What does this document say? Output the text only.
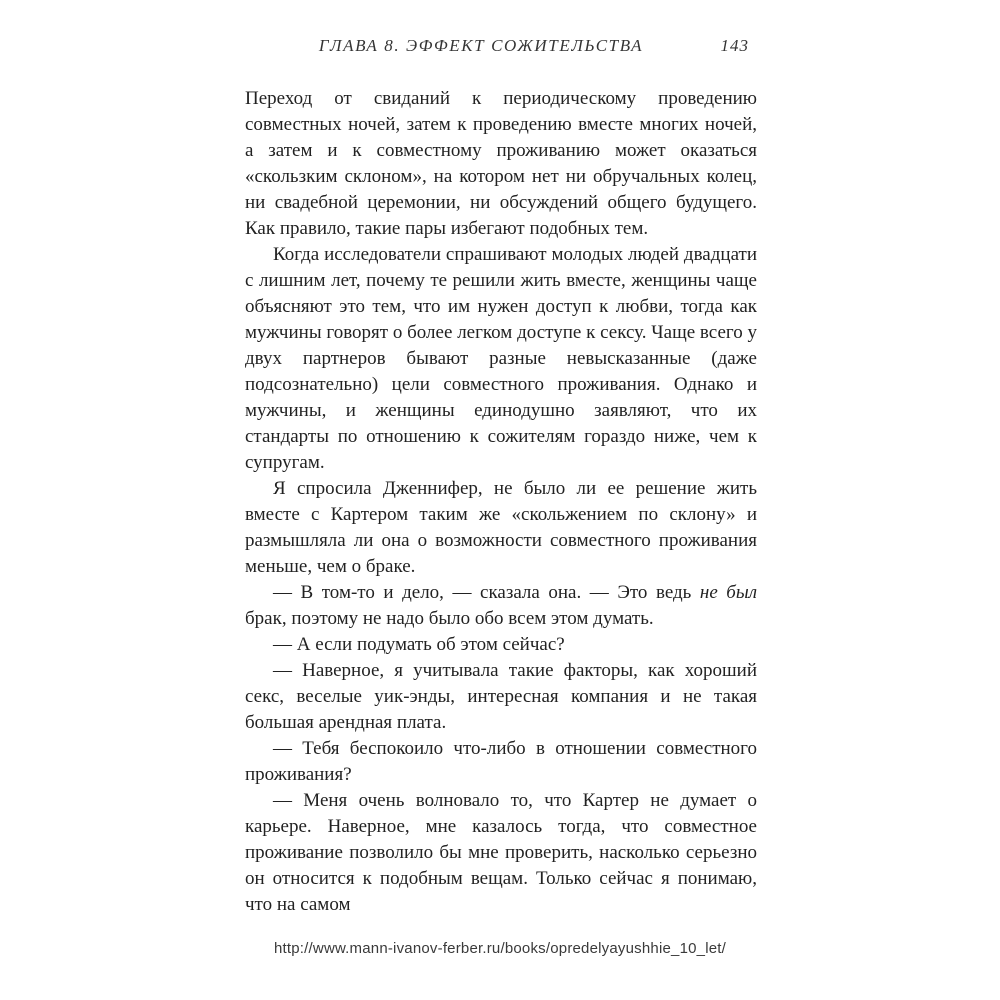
ГЛАВА 8. ЭФФЕКТ СОЖИТЕЛЬСТВА	143

Переход от свиданий к периодическому проведению совместных ночей, затем к проведению вместе многих ночей, а затем и к совместному проживанию может оказаться «скользким склоном», на котором нет ни обручальных колец, ни свадебной церемонии, ни обсуждений общего будущего. Как правило, такие пары избегают подобных тем.

Когда исследователи спрашивают молодых людей двадцати с лишним лет, почему те решили жить вместе, женщины чаще объясняют это тем, что им нужен доступ к любви, тогда как мужчины говорят о более легком доступе к сексу. Чаще всего у двух партнеров бывают разные невысказанные (даже подсознательно) цели совместного проживания. Однако и мужчины, и женщины единодушно заявляют, что их стандарты по отношению к сожителям гораздо ниже, чем к супругам.

Я спросила Дженнифер, не было ли ее решение жить вместе с Картером таким же «скольжением по склону» и размышляла ли она о возможности совместного проживания меньше, чем о браке.

— В том-то и дело, — сказала она. — Это ведь не был брак, поэтому не надо было обо всем этом думать.

— А если подумать об этом сейчас?

— Наверное, я учитывала такие факторы, как хороший секс, веселые уик-энды, интересная компания и не такая большая арендная плата.

— Тебя беспокоило что-либо в отношении совместного проживания?

— Меня очень волновало то, что Картер не думает о карьере. Наверное, мне казалось тогда, что совместное проживание позволило бы мне проверить, насколько серьезно он относится к подобным вещам. Только сейчас я понимаю, что на самом

http://www.mann-ivanov-ferber.ru/books/opredelyayushhie_10_let/
